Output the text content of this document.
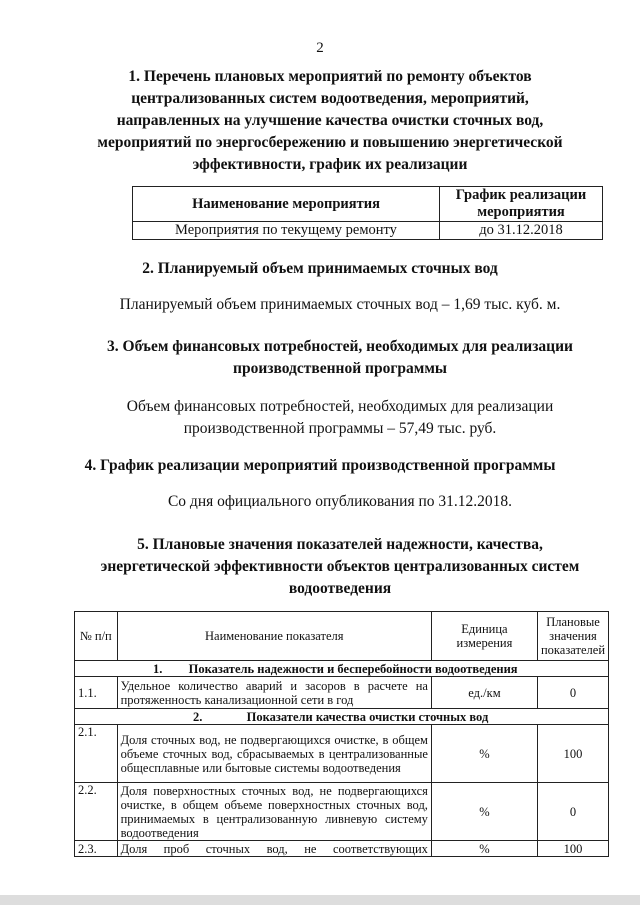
2
1. Перечень плановых мероприятий по ремонту объектов
централизованных систем водоотведения, мероприятий,
направленных на улучшение качества очистки сточных вод,
мероприятий по энергосбережению и повышению энергетической
эффективности, график их реализации
Наименование мероприятия	График реализации
мероприятия

Мероприятия по текущему ремонту	до 31.12.2018
2. Планируемый объем принимаемых сточных вод
Планируемый объем принимаемых сточных вод – 1,69 тыс. куб. м.
3. Объем финансовых потребностей, необходимых для реализации
производственной программы
Объем финансовых потребностей, необходимых для реализации
производственной программы – 57,49 тыс. руб.
4. График реализации мероприятий производственной программы
Со дня официального опубликования по 31.12.2018.
5. Плановые значения показателей надежности, качества,
энергетической эффективности объектов централизованных систем
водоотведения
№ п/п	Наименование показателя	Единица измерения	Плановые значения показателей
1. Показатель надежности и бесперебойности водоотведения			
1.1.	Удельное количество аварий и засоров в расчете на протяженность канализационной сети в год	ед./км	0
2. Показатели качества очистки сточных вод			
2.1.	Доля сточных вод, не подвергающихся очистке, в общем объеме сточных вод, сбрасываемых в централизованные общесплавные или бытовые системы водоотведения	%	100
2.2.	Доля поверхностных сточных вод, не подвергающихся очистке, в общем объеме поверхностных сточных вод, принимаемых в централизованную ливневую систему водоотведения	%	0
2.3.	Доля проб сточных вод, не соответствующих	%	100
